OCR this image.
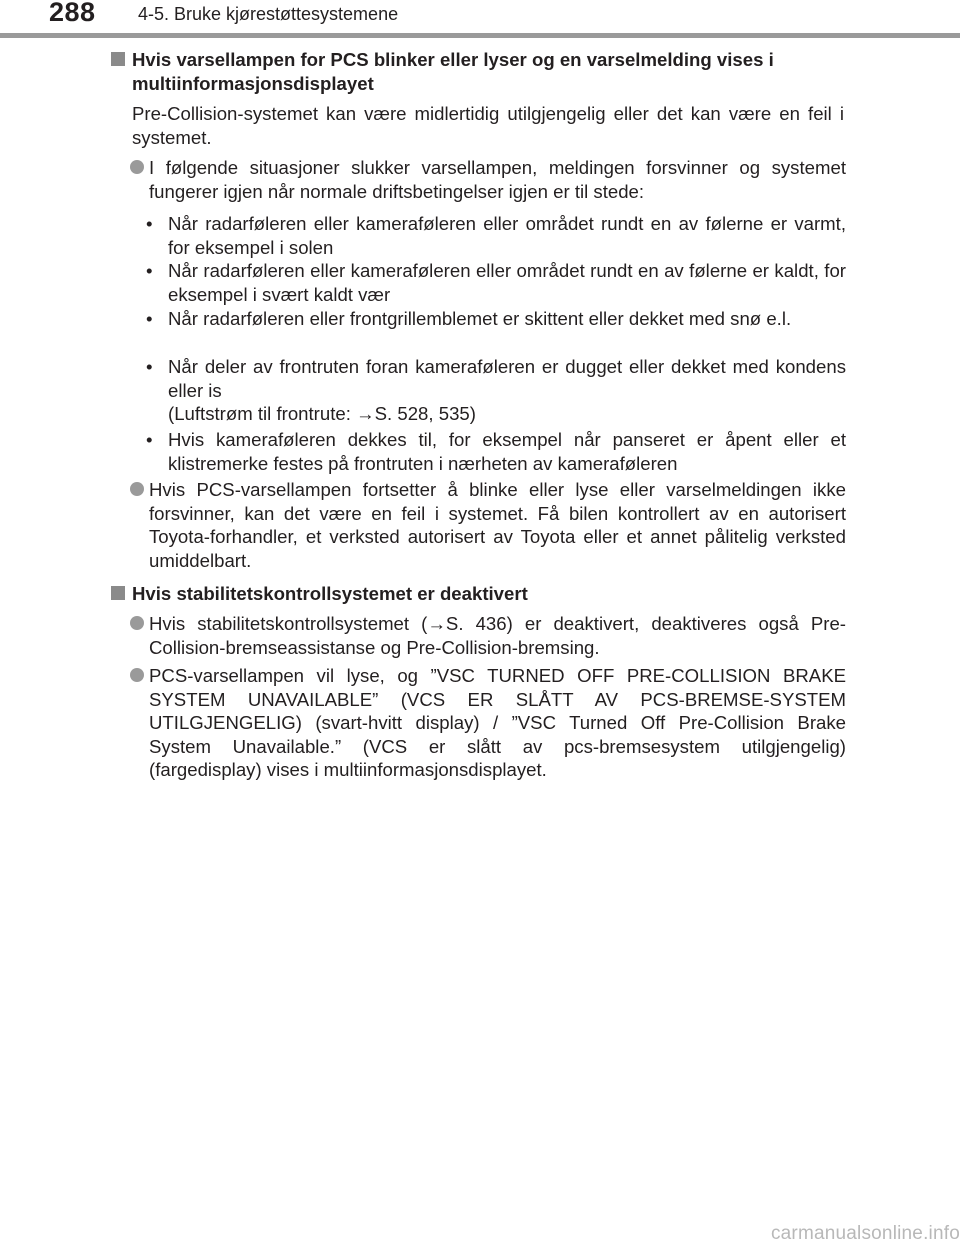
288 4-5. Bruke kjørestøttesystemene
Hvis varsellampen for PCS blinker eller lyser og en varselmelding vises i multiinformasjonsdisplayet
Pre-Collision-systemet kan være midlertidig utilgjengelig eller det kan være en feil i systemet.
I følgende situasjoner slukker varsellampen, meldingen forsvinner og systemet fungerer igjen når normale driftsbetingelser igjen er til stede:
• Når radarføleren eller kameraføleren eller området rundt en av følerne er varmt, for eksempel i solen
• Når radarføleren eller kameraføleren eller området rundt en av følerne er kaldt, for eksempel i svært kaldt vær
• Når radarføleren eller frontgrillemblemet er skittent eller dekket med snø e.l.
• Når deler av frontruten foran kameraføleren er dugget eller dekket med kondens eller is
(Luftstrøm til frontrute: →S. 528, 535)
• Hvis kameraføleren dekkes til, for eksempel når panseret er åpent eller et klistremerke festes på frontruten i nærheten av kameraføleren
Hvis PCS-varsellampen fortsetter å blinke eller lyse eller varselmeldingen ikke forsvinner, kan det være en feil i systemet. Få bilen kontrollert av en autorisert Toyota-forhandler, et verksted autorisert av Toyota eller et annet pålitelig verksted umiddelbart.
Hvis stabilitetskontrollsystemet er deaktivert
Hvis stabilitetskontrollsystemet (→S. 436) er deaktivert, deaktiveres også Pre-Collision-bremseassistanse og Pre-Collision-bremsing.
PCS-varsellampen vil lyse, og ”VSC TURNED OFF PRE-COLLISION BRAKE SYSTEM UNAVAILABLE” (VCS ER SLÅTT AV PCS-BREMSE-SYSTEM UTILGJENGELIG) (svart-hvitt display) / ”VSC Turned Off Pre-Collision Brake System Unavailable.” (VCS er slått av pcs-bremsesystem utilgjengelig) (fargedisplay) vises i multiinformasjonsdisplayet.
carmanualsonline.info
